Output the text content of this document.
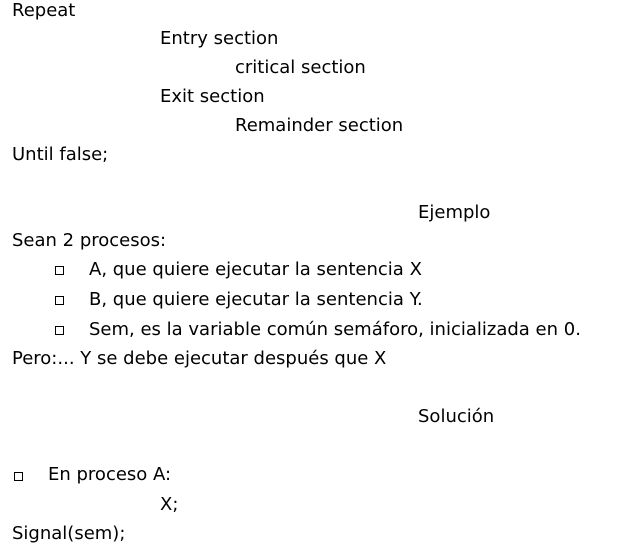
Repeat
Entry section
critical section
Exit section
Remainder section
Until false;
Ejemplo
Sean 2 procesos:
A, que quiere ejecutar la sentencia X
B, que quiere ejecutar la sentencia Y.
Sem, es la variable común semáforo, inicializada en 0.
Pero:... Y se debe ejecutar después que X
Solución
En proceso A:
X;
Signal(sem);
